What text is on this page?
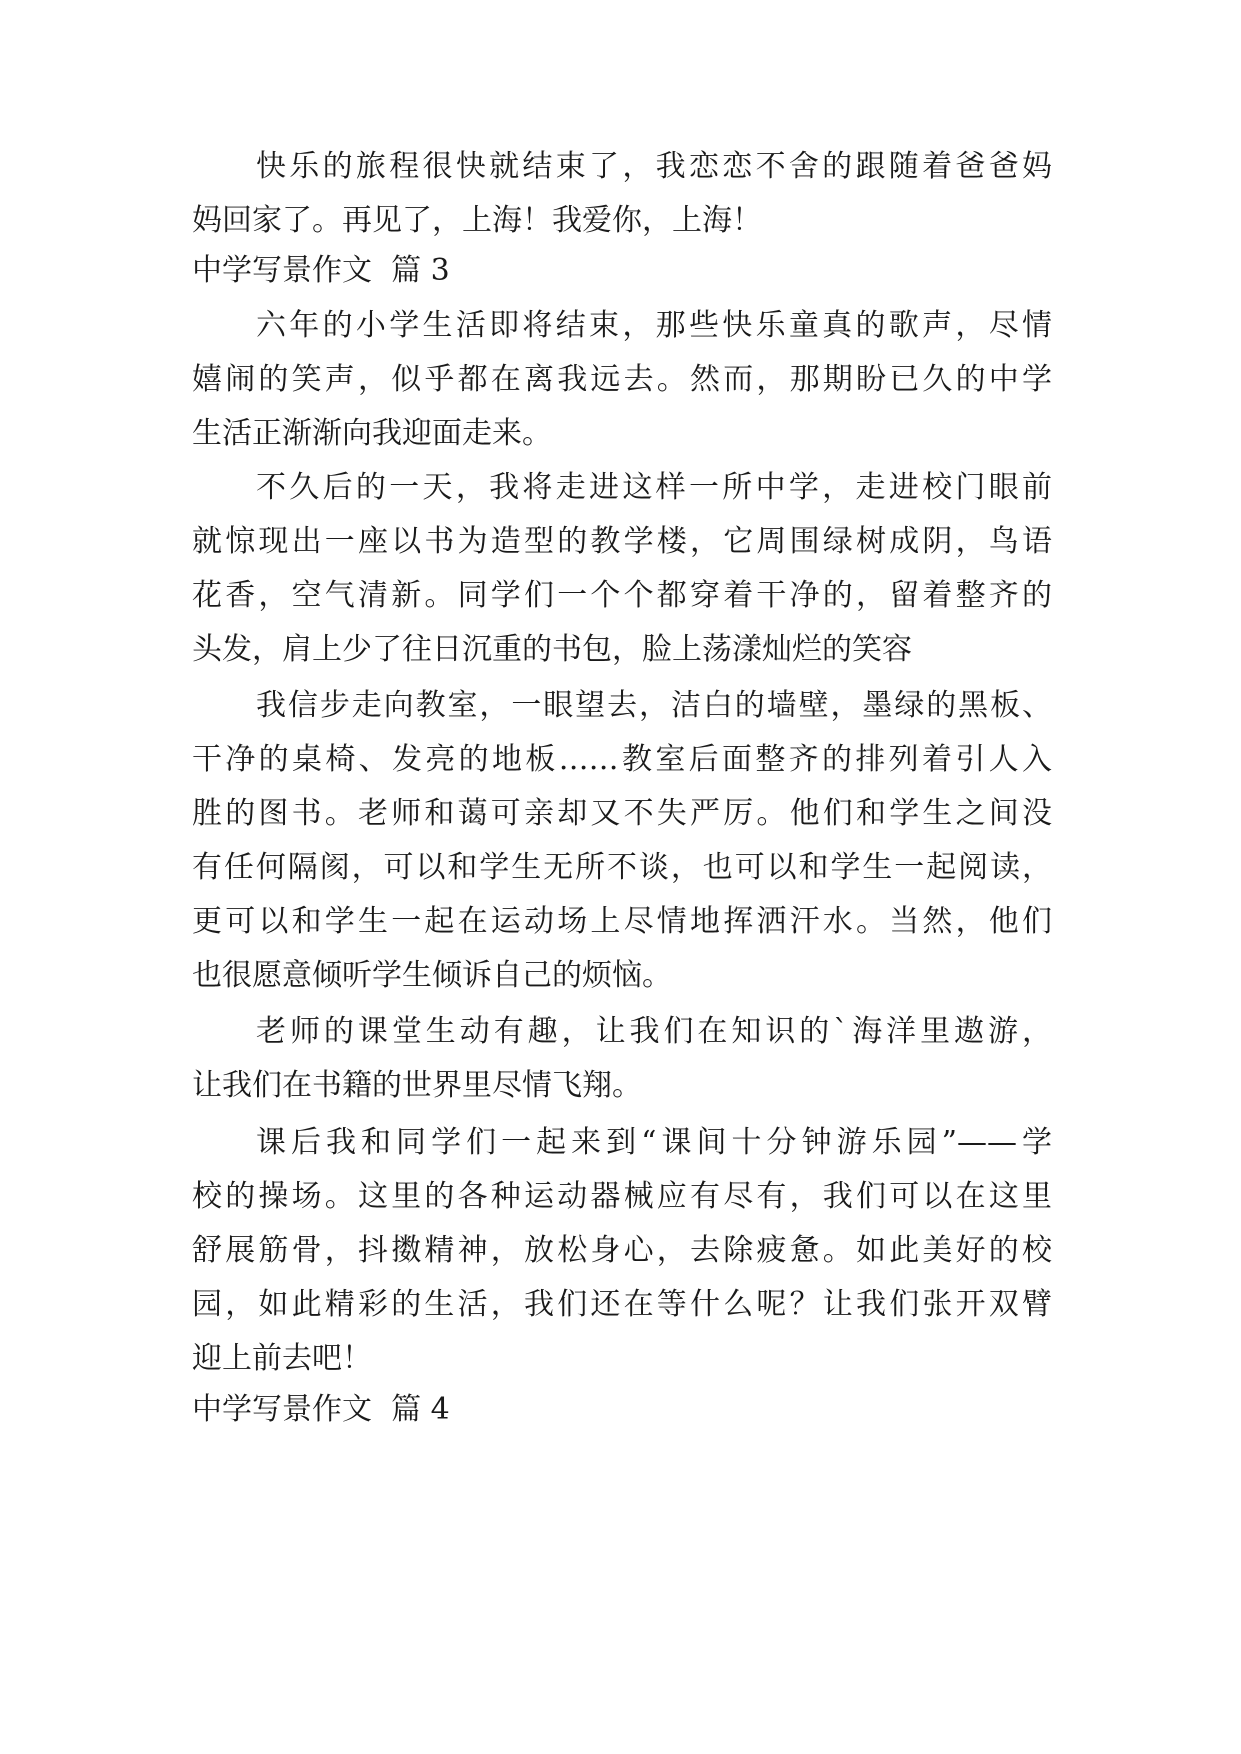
快乐的旅程很快就结束了，我恋恋不舍的跟随着爸爸妈
妈回家了。再见了，上海！我爱你，上海！
中学写景作文  篇 3
六年的小学生活即将结束，那些快乐童真的歌声，尽情
嬉闹的笑声，似乎都在离我远去。然而，那期盼已久的中学
生活正渐渐向我迎面走来。
不久后的一天，我将走进这样一所中学，走进校门眼前
就惊现出一座以书为造型的教学楼，它周围绿树成阴，鸟语
花香，空气清新。同学们一个个都穿着干净的，留着整齐的
头发，肩上少了往日沉重的书包，脸上荡漾灿烂的笑容
我信步走向教室，一眼望去，洁白的墙壁，墨绿的黑板、
干净的桌椅、发亮的地板……教室后面整齐的排列着引人入
胜的图书。老师和蔼可亲却又不失严厉。他们和学生之间没
有任何隔阂，可以和学生无所不谈，也可以和学生一起阅读，
更可以和学生一起在运动场上尽情地挥洒汗水。当然，他们
也很愿意倾听学生倾诉自己的烦恼。
老师的课堂生动有趣，让我们在知识的`海洋里遨游，
让我们在书籍的世界里尽情飞翔。
课后我和同学们一起来到“课间十分钟游乐园”——学
校的操场。这里的各种运动器械应有尽有，我们可以在这里
舒展筋骨，抖擞精神，放松身心，去除疲惫。如此美好的校
园，如此精彩的生活，我们还在等什么呢？让我们张开双臂
迎上前去吧！
中学写景作文  篇 4
